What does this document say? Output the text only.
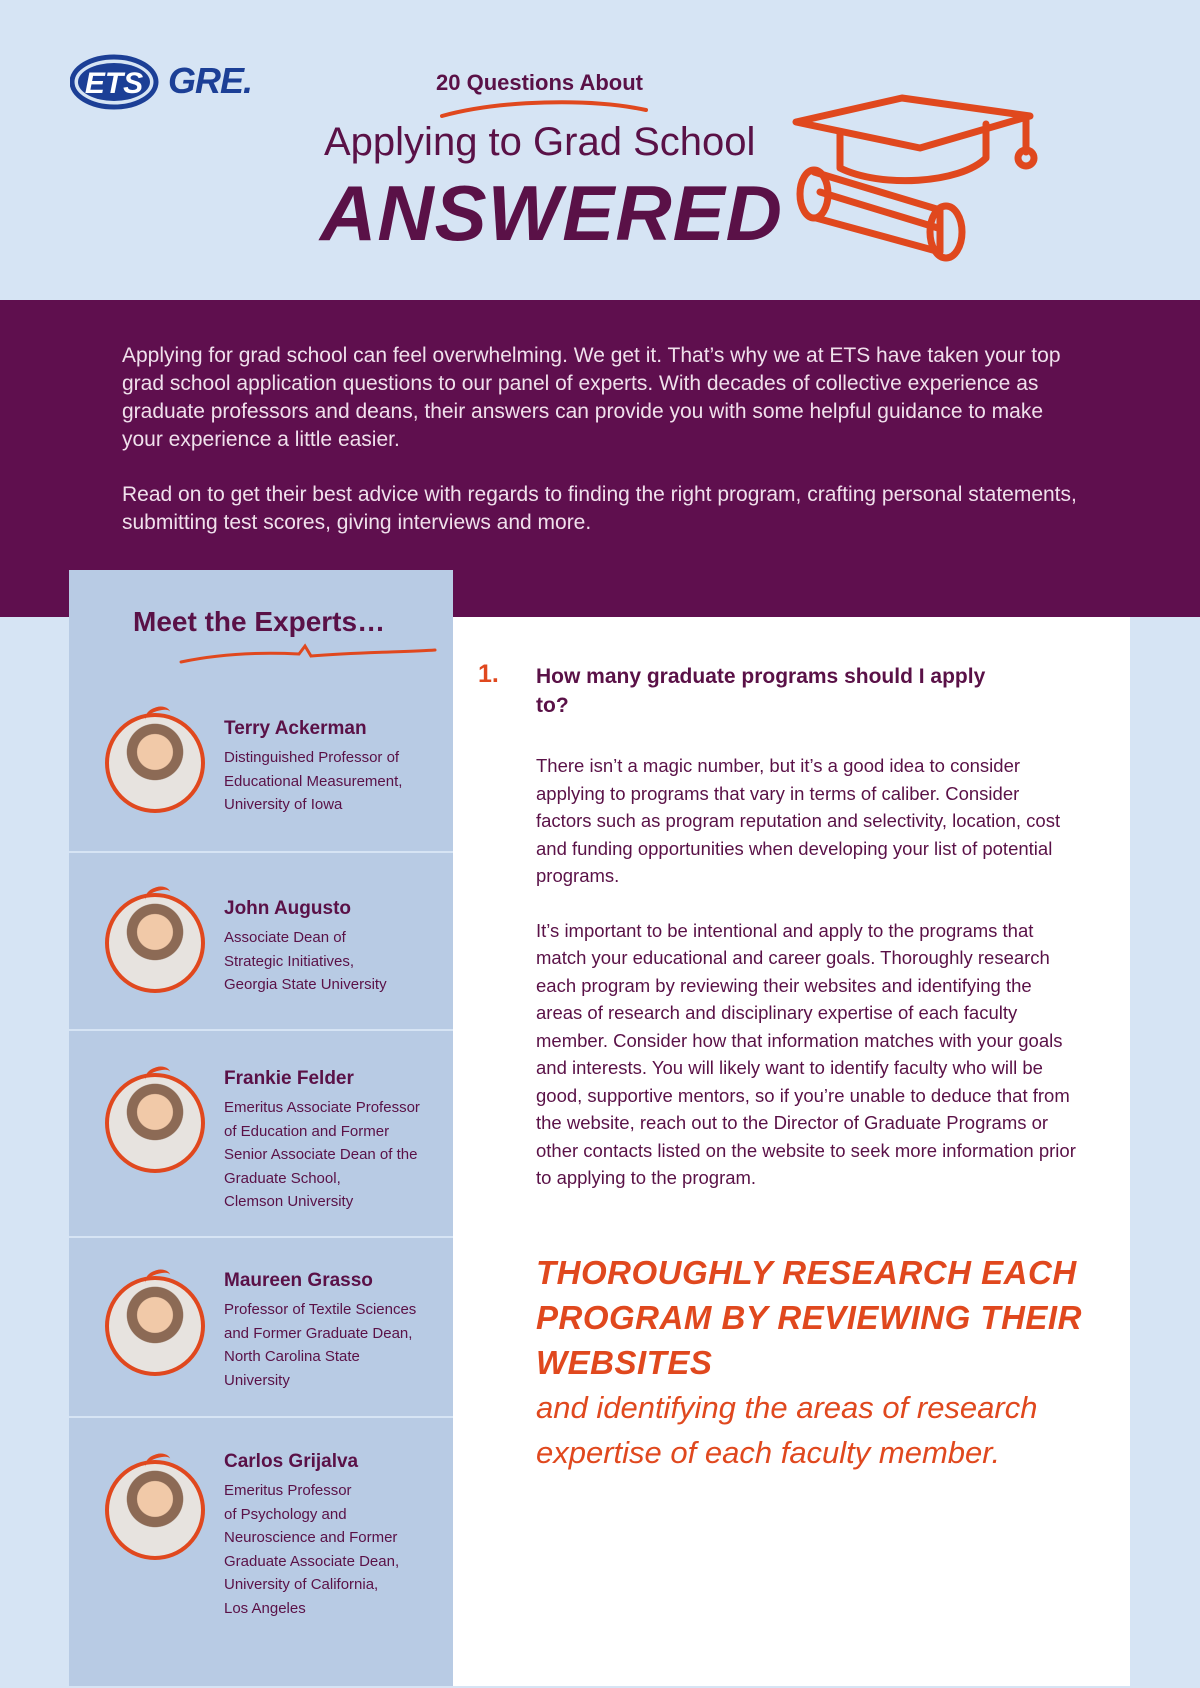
ETS GRE.	20 Questions About
Applying to Grad School
ANSWERED

Applying for grad school can feel overwhelming. We get it. That’s why we at ETS have taken your top grad school application questions to our panel of experts. With decades of collective experience as graduate professors and deans, their answers can provide you with some helpful guidance to make your experience a little easier.

Read on to get their best advice with regards to finding the right program, crafting personal statements, submitting test scores, giving interviews and more.

Meet the Experts…
Terry Ackerman
Distinguished Professor of
Educational Measurement,
University of Iowa
John Augusto
Associate Dean of
Strategic Initiatives,
Georgia State University
Frankie Felder
Emeritus Associate Professor
of Education and Former
Senior Associate Dean of the
Graduate School,
Clemson University
Maureen Grasso
Professor of Textile Sciences
and Former Graduate Dean,
North Carolina State
University
Carlos Grijalva
Emeritus Professor
of Psychology and
Neuroscience and Former
Graduate Associate Dean,
University of California,
Los Angeles
1. How many graduate programs should I apply to?

There isn’t a magic number, but it’s a good idea to consider applying to programs that vary in terms of caliber. Consider factors such as program reputation and selectivity, location, cost and funding opportunities when developing your list of potential programs.

It’s important to be intentional and apply to the programs that match your educational and career goals. Thoroughly research each program by reviewing their websites and identifying the areas of research and disciplinary expertise of each faculty member. Consider how that information matches with your goals and interests. You will likely want to identify faculty who will be good, supportive mentors, so if you’re unable to deduce that from the website, reach out to the Director of Graduate Programs or other contacts listed on the website to seek more information prior to applying to the program.

THOROUGHLY RESEARCH EACH PROGRAM BY REVIEWING THEIR WEBSITES
and identifying the areas of research expertise of each faculty member.
